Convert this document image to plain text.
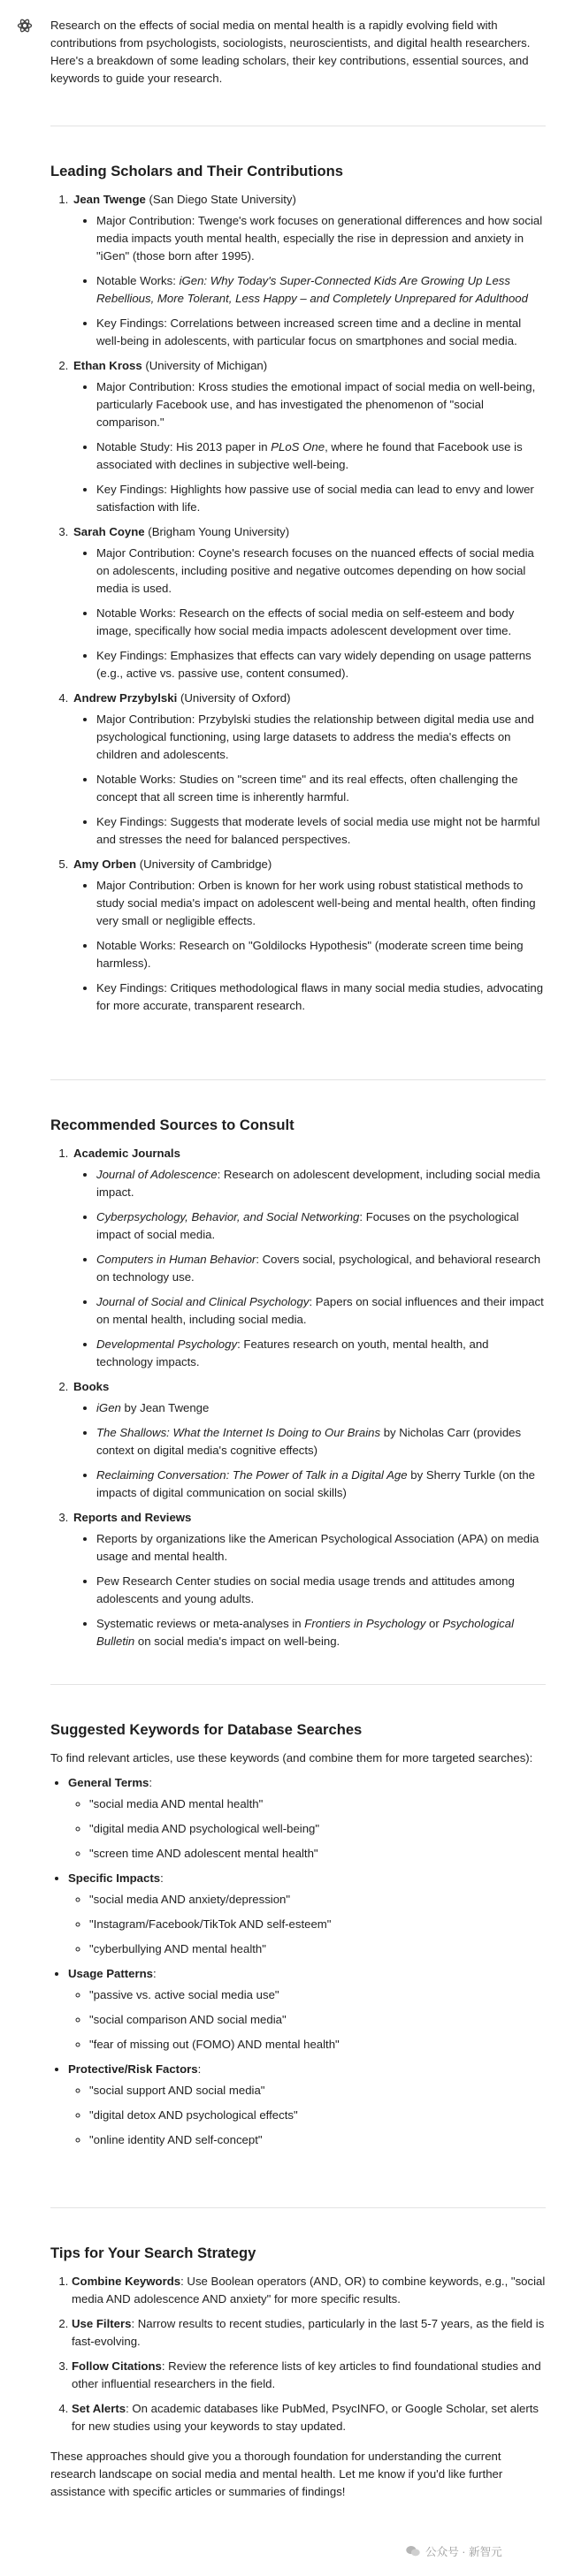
Research on the effects of social media on mental health is a rapidly evolving field with contributions from psychologists, sociologists, neuroscientists, and digital health researchers. Here's a breakdown of some leading scholars, their key contributions, essential sources, and keywords to guide your research.

Leading Scholars and Their Contributions
1. Jean Twenge (San Diego State University)
• Major Contribution: Twenge's work focuses on generational differences and how social media impacts youth mental health, especially the rise in depression and anxiety in "iGen" (those born after 1995).
• Notable Works: iGen: Why Today's Super-Connected Kids Are Growing Up Less Rebellious, More Tolerant, Less Happy – and Completely Unprepared for Adulthood
• Key Findings: Correlations between increased screen time and a decline in mental well-being in adolescents, with particular focus on smartphones and social media.
2. Ethan Kross (University of Michigan)
• Major Contribution: Kross studies the emotional impact of social media on well-being, particularly Facebook use, and has investigated the phenomenon of "social comparison."
• Notable Study: His 2013 paper in PLoS One, where he found that Facebook use is associated with declines in subjective well-being.
• Key Findings: Highlights how passive use of social media can lead to envy and lower satisfaction with life.
3. Sarah Coyne (Brigham Young University)
• Major Contribution: Coyne's research focuses on the nuanced effects of social media on adolescents, including positive and negative outcomes depending on how social media is used.
• Notable Works: Research on the effects of social media on self-esteem and body image, specifically how social media impacts adolescent development over time.
• Key Findings: Emphasizes that effects can vary widely depending on usage patterns (e.g., active vs. passive use, content consumed).
4. Andrew Przybylski (University of Oxford)
• Major Contribution: Przybylski studies the relationship between digital media use and psychological functioning, using large datasets to address the media's effects on children and adolescents.
• Notable Works: Studies on "screen time" and its real effects, often challenging the concept that all screen time is inherently harmful.
• Key Findings: Suggests that moderate levels of social media use might not be harmful and stresses the need for balanced perspectives.
5. Amy Orben (University of Cambridge)
• Major Contribution: Orben is known for her work using robust statistical methods to study social media's impact on adolescent well-being and mental health, often finding very small or negligible effects.
• Notable Works: Research on "Goldilocks Hypothesis" (moderate screen time being harmless).
• Key Findings: Critiques methodological flaws in many social media studies, advocating for more accurate, transparent research.
Recommended Sources to Consult
1. Academic Journals
• Journal of Adolescence: Research on adolescent development, including social media impact.
• Cyberpsychology, Behavior, and Social Networking: Focuses on the psychological impact of social media.
• Computers in Human Behavior: Covers social, psychological, and behavioral research on technology use.
• Journal of Social and Clinical Psychology: Papers on social influences and their impact on mental health, including social media.
• Developmental Psychology: Features research on youth, mental health, and technology impacts.
2. Books
• iGen by Jean Twenge
• The Shallows: What the Internet Is Doing to Our Brains by Nicholas Carr (provides context on digital media's cognitive effects)
• Reclaiming Conversation: The Power of Talk in a Digital Age by Sherry Turkle (on the impacts of digital communication on social skills)
3. Reports and Reviews
• Reports by organizations like the American Psychological Association (APA) on media usage and mental health.
• Pew Research Center studies on social media usage trends and attitudes among adolescents and young adults.
• Systematic reviews or meta-analyses in Frontiers in Psychology or Psychological Bulletin on social media's impact on well-being.
Suggested Keywords for Database Searches

To find relevant articles, use these keywords (and combine them for more targeted searches):

• General Terms:
◦ "social media AND mental health"
◦ "digital media AND psychological well-being"
◦ "screen time AND adolescent mental health"
• Specific Impacts:
◦ "social media AND anxiety/depression"
◦ "Instagram/Facebook/TikTok AND self-esteem"
◦ "cyberbullying AND mental health"
• Usage Patterns:
◦ "passive vs. active social media use"
◦ "social comparison AND social media"
◦ "fear of missing out (FOMO) AND mental health"
• Protective/Risk Factors:
◦ "social support AND social media"
◦ "digital detox AND psychological effects"
◦ "online identity AND self-concept"
Tips for Your Search Strategy
1. Combine Keywords: Use Boolean operators (AND, OR) to combine keywords, e.g., "social media AND adolescence AND anxiety" for more specific results.
2. Use Filters: Narrow results to recent studies, particularly in the last 5-7 years, as the field is fast-evolving.
3. Follow Citations: Review the reference lists of key articles to find foundational studies and other influential researchers in the field.
4. Set Alerts: On academic databases like PubMed, PsycINFO, or Google Scholar, set alerts for new studies using your keywords to stay updated.

These approaches should give you a thorough foundation for understanding the current research landscape on social media and mental health. Let me know if you'd like further assistance with specific articles or summaries of findings!

公众号 · 新智元
